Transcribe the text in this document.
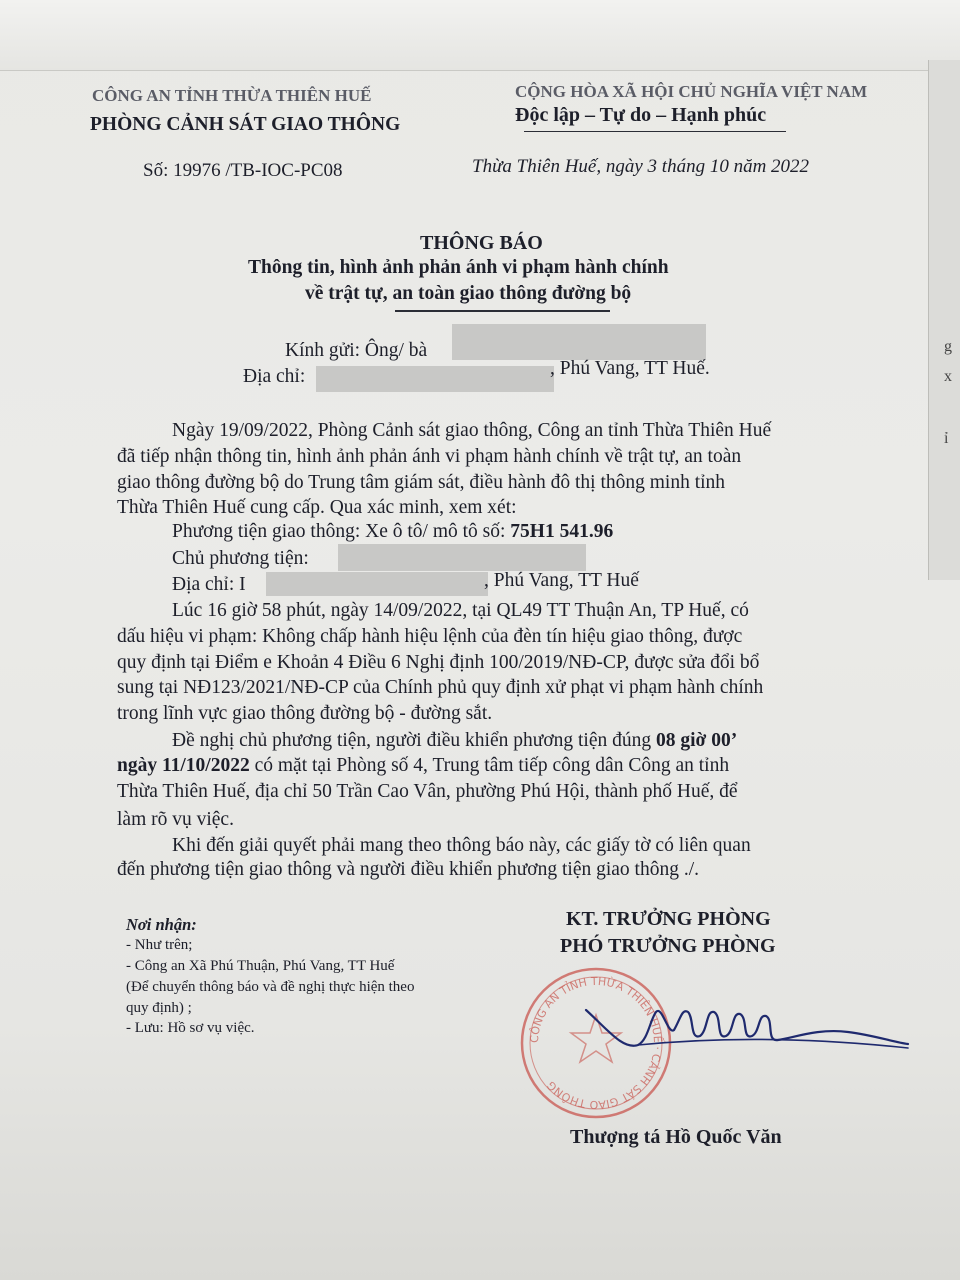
g
x
ỉ
CÔNG AN TỈNH THỪA THIÊN HUẾ	CỘNG HÒA XÃ HỘI CHỦ NGHĨA VIỆT NAM
PHÒNG CẢNH SÁT GIAO THÔNG	Độc lập – Tự do – Hạnh phúc
Số: 19976 /TB-IOC-PC08	Thừa Thiên Huế, ngày 3 tháng 10 năm 2022
THÔNG BÁO
Thông tin, hình ảnh phản ánh vi phạm hành chính
về trật tự, an toàn giao thông đường bộ
Kính gửi: Ông/ bà
Địa chỉ:	, Phú Vang, TT Huế.
Ngày 19/09/2022, Phòng Cảnh sát giao thông, Công an tỉnh Thừa Thiên Huế
đã tiếp nhận thông tin, hình ảnh phản ánh vi phạm hành chính về trật tự, an toàn
giao thông đường bộ do Trung tâm giám sát, điều hành đô thị thông minh tỉnh
Thừa Thiên Huế cung cấp. Qua xác minh, xem xét:
Phương tiện giao thông: Xe ô tô/ mô tô số: 75H1 541.96
Chủ phương tiện:
Địa chỉ: I	, Phú Vang, TT Huế
Lúc 16 giờ 58 phút, ngày 14/09/2022, tại QL49 TT Thuận An, TP Huế, có
dấu hiệu vi phạm: Không chấp hành hiệu lệnh của đèn tín hiệu giao thông, được
quy định tại Điểm e Khoản 4 Điều 6 Nghị định 100/2019/NĐ-CP, được sửa đổi bổ
sung tại NĐ123/2021/NĐ-CP của Chính phủ quy định xử phạt vi phạm hành chính
trong lĩnh vực giao thông đường bộ - đường sắt.
Đề nghị chủ phương tiện, người điều khiển phương tiện đúng 08 giờ 00’
ngày 11/10/2022 có mặt tại Phòng số 4, Trung tâm tiếp công dân Công an tỉnh
Thừa Thiên Huế, địa chỉ 50 Trần Cao Vân, phường Phú Hội, thành phố Huế, để
làm rõ vụ việc.
Khi đến giải quyết phải mang theo thông báo này, các giấy tờ có liên quan
đến phương tiện giao thông và người điều khiển phương tiện giao thông ./.
Nơi nhận:
- Như trên;
- Công an Xã Phú Thuận, Phú Vang, TT Huế
(Để chuyển thông báo và đề nghị thực hiện theo
quy định) ;
- Lưu: Hồ sơ vụ việc.
KT. TRƯỞNG PHÒNG
PHÓ TRƯỞNG PHÒNG
CÔNG AN TỈNH THỪA THIÊN HUẾ · CẢNH SÁT GIAO THÔNG
Thượng tá Hồ Quốc Văn
